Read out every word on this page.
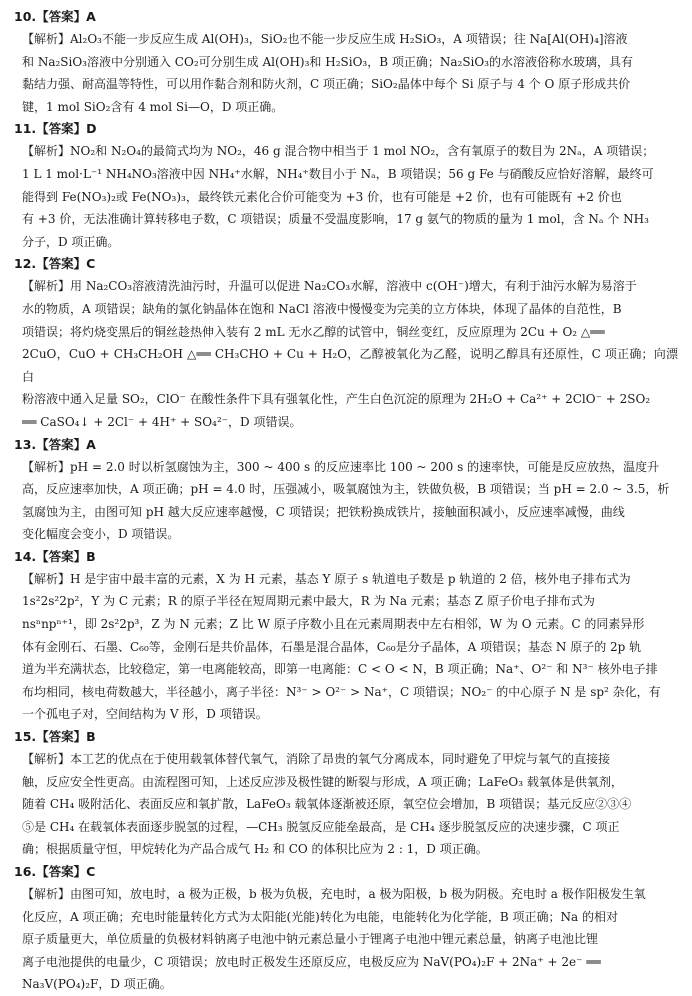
10.【答案】A

【解析】Al₂O₃不能一步反应生成 Al(OH)₃，SiO₂也不能一步反应生成 H₂SiO₃，A 项错误；往 Na[Al(OH)₄]溶液

和 Na₂SiO₃溶液中分别通入 CO₂可分别生成 Al(OH)₃和 H₂SiO₃，B 项正确；Na₂SiO₃的水溶液俗称水玻璃，具有

黏结力强、耐高温等特性，可以用作黏合剂和防火剂，C 项正确；SiO₂晶体中每个 Si 原子与 4 个 O 原子形成共价

键，1 mol SiO₂含有 4 mol Si—O，D 项正确。

11.【答案】D

【解析】NO₂和 N₂O₄的最简式均为 NO₂，46 g 混合物中相当于 1 mol NO₂，含有氧原子的数目为 2Nₐ，A 项错误；

1 L 1 mol·L⁻¹ NH₄NO₃溶液中因 NH₄⁺水解，NH₄⁺数目小于 Nₐ，B 项错误；56 g Fe 与硝酸反应恰好溶解，最终可

能得到 Fe(NO₃)₂或 Fe(NO₃)₃，最终铁元素化合价可能变为 +3 价，也有可能是 +2 价，也有可能既有 +2 价也

有 +3 价，无法准确计算转移电子数，C 项错误；质量不受温度影响，17 g 氨气的物质的量为 1 mol，含 Nₐ 个 NH₃

分子，D 项正确。

12.【答案】C

【解析】用 Na₂CO₃溶液清洗油污时，升温可以促进 Na₂CO₃水解，溶液中 c(OH⁻)增大，有利于油污水解为易溶于

水的物质，A 项错误；缺角的氯化钠晶体在饱和 NaCl 溶液中慢慢变为完美的立方体块，体现了晶体的自范性，B

项错误；将灼烧变黑后的铜丝趁热伸入装有 2 mL 无水乙醇的试管中，铜丝变红，反应原理为 2Cu + O₂ △══

2CuO，CuO + CH₃CH₂OH △══ CH₃CHO + Cu + H₂O，乙醇被氧化为乙醛，说明乙醇具有还原性，C 项正确；向漂白

粉溶液中通入足量 SO₂，ClO⁻ 在酸性条件下具有强氧化性，产生白色沉淀的原理为 2H₂O + Ca²⁺ + 2ClO⁻ + 2SO₂

══ CaSO₄↓ + 2Cl⁻ + 4H⁺ + SO₄²⁻，D 项错误。

13.【答案】A

【解析】pH = 2.0 时以析氢腐蚀为主，300 ~ 400 s 的反应速率比 100 ~ 200 s 的速率快，可能是反应放热，温度升

高，反应速率加快，A 项正确；pH = 4.0 时，压强减小，吸氧腐蚀为主，铁做负极，B 项错误；当 pH = 2.0 ~ 3.5，析

氢腐蚀为主，由图可知 pH 越大反应速率越慢，C 项错误；把铁粉换成铁片，接触面积减小，反应速率减慢，曲线

变化幅度会变小，D 项错误。

14.【答案】B

【解析】H 是宇宙中最丰富的元素，X 为 H 元素，基态 Y 原子 s 轨道电子数是 p 轨道的 2 倍，核外电子排布式为

1s²2s²2p²，Y 为 C 元素；R 的原子半径在短周期元素中最大，R 为 Na 元素；基态 Z 原子价电子排布式为

nsⁿnpⁿ⁺¹，即 2s²2p³，Z 为 N 元素；Z 比 W 原子序数小且在元素周期表中左右相邻，W 为 O 元素。C 的同素异形

体有金刚石、石墨、C₆₀等，金刚石是共价晶体，石墨是混合晶体，C₆₀是分子晶体，A 项错误；基态 N 原子的 2p 轨

道为半充满状态，比较稳定，第一电离能较高，即第一电离能：C < O < N，B 项正确；Na⁺、O²⁻ 和 N³⁻ 核外电子排

布均相同，核电荷数越大，半径越小，离子半径：N³⁻ > O²⁻ > Na⁺，C 项错误；NO₂⁻ 的中心原子 N 是 sp² 杂化，有

一个孤电子对，空间结构为 V 形，D 项错误。

15.【答案】B

【解析】本工艺的优点在于使用载氧体替代氧气，消除了昂贵的氧气分离成本，同时避免了甲烷与氧气的直接接

触，反应安全性更高。由流程图可知，上述反应涉及极性键的断裂与形成，A 项正确；LaFeO₃ 载氧体是供氧剂，

随着 CH₄ 吸附活化、表面反应和氧扩散，LaFeO₃ 载氧体逐渐被还原，氧空位会增加，B 项错误；基元反应②③④

⑤是 CH₄ 在载氧体表面逐步脱氢的过程，—CH₃ 脱氢反应能垒最高，是 CH₄ 逐步脱氢反应的决速步骤，C 项正

确；根据质量守恒，甲烷转化为产品合成气 H₂ 和 CO 的体积比应为 2 : 1，D 项正确。

16.【答案】C

【解析】由图可知，放电时，a 极为正极，b 极为负极，充电时，a 极为阳极，b 极为阴极。充电时 a 极作阳极发生氧

化反应，A 项正确；充电时能量转化方式为太阳能(光能)转化为电能，电能转化为化学能，B 项正确；Na 的相对

原子质量更大，单位质量的负极材料钠离子电池中钠元素总量小于锂离子电池中锂元素总量，钠离子电池比锂

离子电池提供的电量少，C 项错误；放电时正极发生还原反应，电极反应为 NaV(PO₄)₂F + 2Na⁺ + 2e⁻ ══

Na₃V(PO₄)₂F，D 项正确。
